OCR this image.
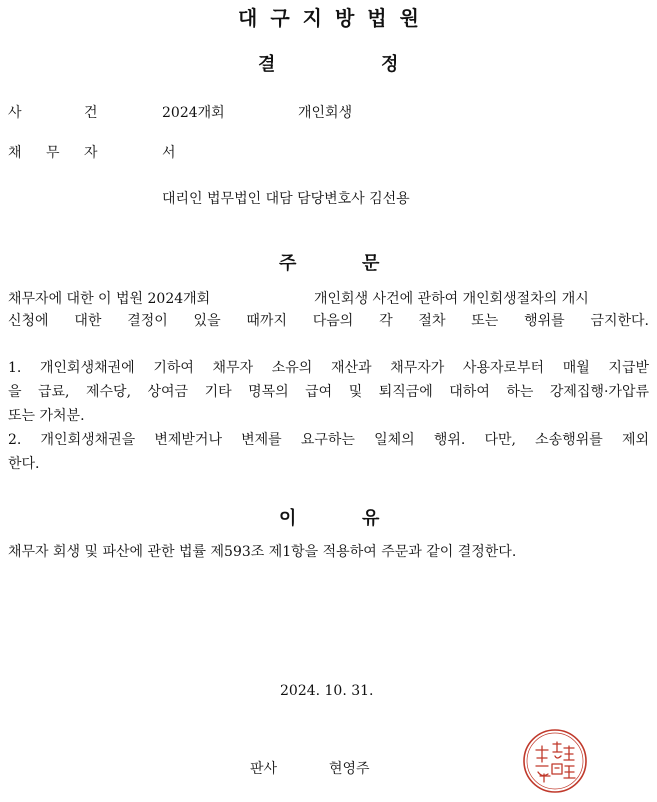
대구지방법원
결	정
사	건	2024개회	개인회생
채 무 자	서
대리인 법무법인 대담 담당변호사 김선용
주	문
채무자에 대한 이 법원 2024개회	개인회생 사건에 관하여 개인회생절차의 개시
신청에 대한 결정이 있을 때까지 다음의 각 절차 또는 행위를 금지한다.
1. 개인회생채권에 기하여 채무자 소유의 재산과 채무자가 사용자로부터 매월 지급받
을 급료, 제수당, 상여금 기타 명목의 급여 및 퇴직금에 대하여 하는 강제집행·가압류
또는 가처분.
2. 개인회생채권을 변제받거나 변제를 요구하는 일체의 행위. 다만, 소송행위를 제외
한다.
이	유
채무자 회생 및 파산에 관한 법률 제593조 제1항을 적용하여 주문과 같이 결정한다.
2024. 10. 31.
판사	현영주
